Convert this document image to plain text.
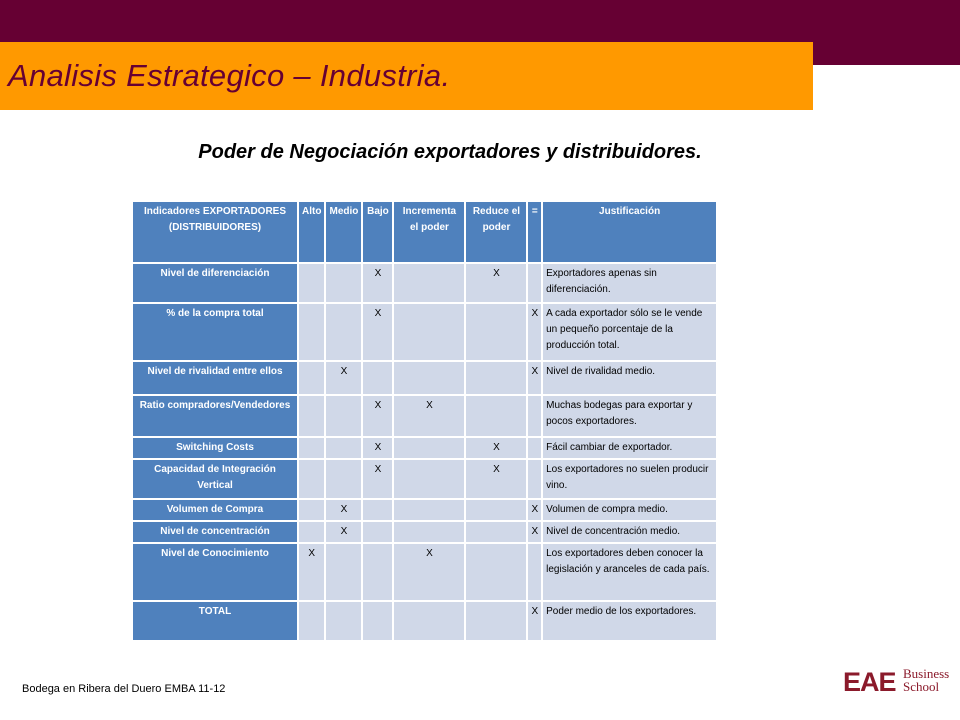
Analisis Estrategico – Industria.
Poder de Negociación exportadores y distribuidores.
Indicadores EXPORTADORES (DISTRIBUIDORES)	Alto	Medio	Bajo	Incrementa el poder	Reduce el poder	=	Justificación
Nivel de diferenciación			X		X		Exportadores apenas sin diferenciación.
% de la compra total			X			X	A cada exportador sólo se le vende un pequeño porcentaje de la producción total.
Nivel de rivalidad entre ellos		X				X	Nivel de rivalidad medio.
Ratio compradores/Vendedores			X	X			Muchas bodegas para exportar y pocos exportadores.
Switching Costs			X		X		Fácil cambiar de exportador.
Capacidad de Integración Vertical			X		X		Los exportadores no suelen producir vino.
Volumen de Compra		X				X	Volumen de compra medio.
Nivel de concentración		X				X	Nivel de concentración medio.
Nivel de Conocimiento	X			X			Los exportadores deben conocer la legislación y aranceles de cada país.
TOTAL						X	Poder medio de los exportadores.
Bodega en Ribera del Duero EMBA 11-12	EAE Business
School
